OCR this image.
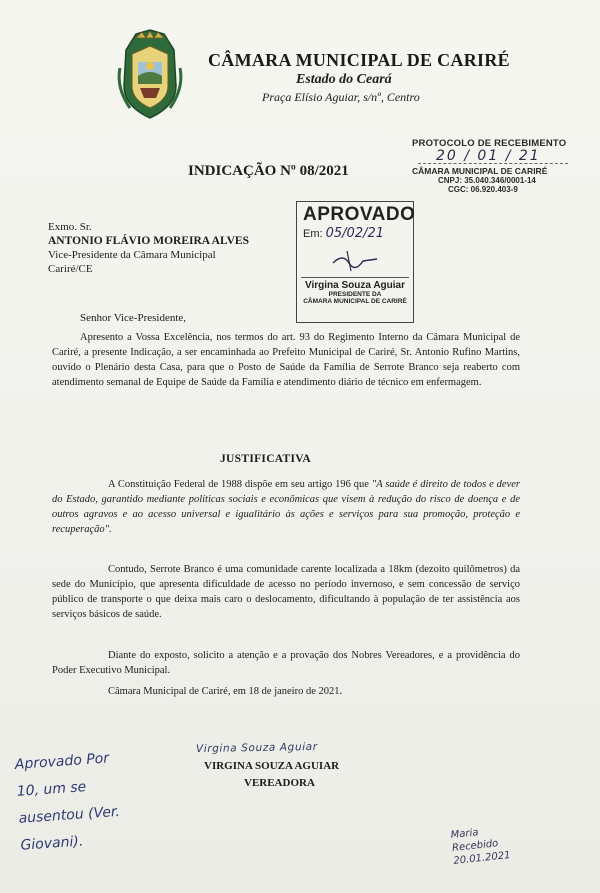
CÂMARA MUNICIPAL DE CARIRÉ
Estado do Ceará
Praça Elísio Aguiar, s/nº, Centro
PROTOCOLO DE RECEBIMENTO
20 / 01 / 21
CÂMARA MUNICIPAL DE CARIRÉ
CNPJ: 35.040.346/0001-14
CGC: 06.920.403-9
INDICAÇÃO Nº 08/2021
APROVADO
Em: 05/02/21
Virgina Souza Aguiar
PRESIDENTE DA
CÂMARA MUNICIPAL DE CARIRÉ
Exmo. Sr.
ANTONIO FLÁVIO MOREIRA ALVES
Vice-Presidente da Câmara Municipal
Cariré/CE
Senhor Vice-Presidente,
Apresento a Vossa Excelência, nos termos do art. 93 do Regimento Interno da Câmara Municipal de Cariré, a presente Indicação, a ser encaminhada ao Prefeito Municipal de Cariré, Sr. Antonio Rufino Martins, ouvido o Plenário desta Casa, para que o Posto de Saúde da Família de Serrote Branco seja reaberto com atendimento semanal de Equipe de Saúde da Família e atendimento diário de técnico em enfermagem.
JUSTIFICATIVA
A Constituição Federal de 1988 dispõe em seu artigo 196 que "A saúde é direito de todos e dever do Estado, garantido mediante políticas sociais e econômicas que visem à redução do risco de doença e de outros agravos e ao acesso universal e igualitário às ações e serviços para sua promoção, proteção e recuperação".
Contudo, Serrote Branco é uma comunidade carente localizada a 18km (dezoito quilômetros) da sede do Município, que apresenta dificuldade de acesso no período invernoso, e sem concessão de serviço público de transporte o que deixa mais caro o deslocamento, dificultando à população de ter assistência aos serviços básicos de saúde.
Diante do exposto, solicito a atenção e a provação dos Nobres Vereadores, e a providência do Poder Executivo Municipal.
Câmara Municipal de Cariré, em 18 de janeiro de 2021.
Virgina Souza Aguiar
VIRGINA SOUZA AGUIAR
VEREADORA
Aprovado Por
10, um se
ausentou (Ver.
Giovani).	Maria
Recebido
20.01.2021
